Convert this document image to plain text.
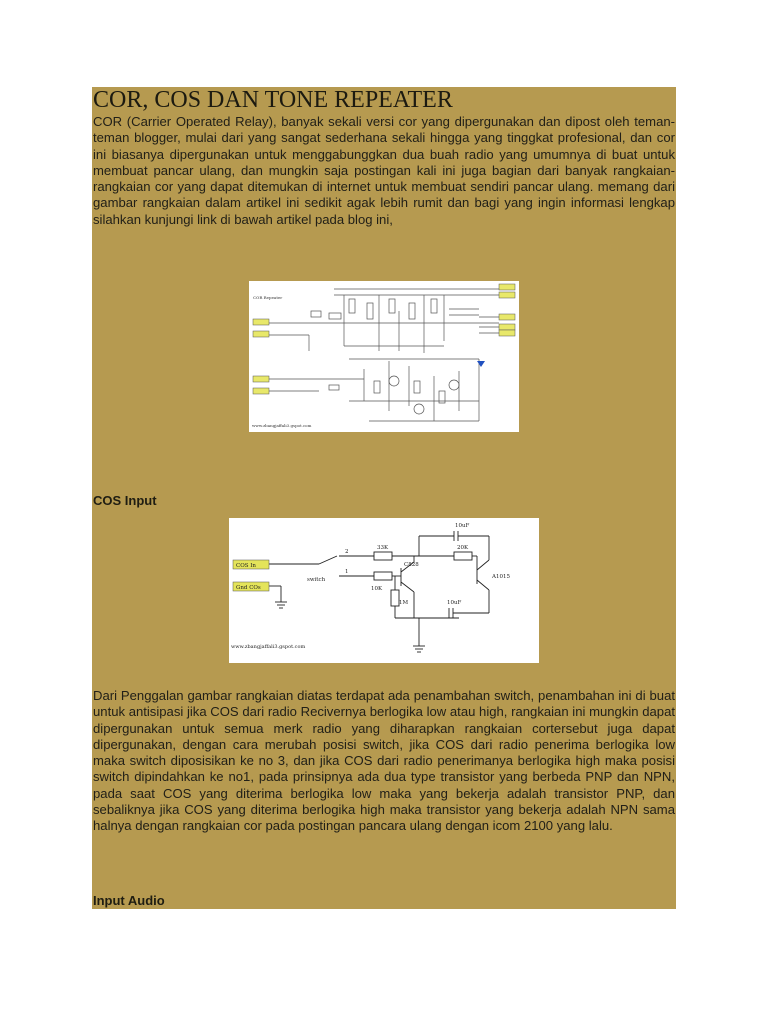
COR, COS DAN TONE REPEATER
COR (Carrier Operated Relay), banyak sekali versi cor yang dipergunakan dan dipost oleh teman-teman blogger, mulai dari yang sangat sederhana sekali hingga yang tinggkat profesional, dan cor ini biasanya dipergunakan untuk menggabunggkan dua buah radio yang umumnya di buat untuk membuat pancar ulang, dan mungkin saja postingan kali ini juga bagian dari banyak rangkaian-rangkaian cor yang dapat ditemukan di internet untuk membuat sendiri pancar ulang. memang dari gambar rangkaian dalam artikel ini sedikit agak lebih rumit dan bagi yang ingin informasi lengkap silahkan kunjungi link di bawah artikel pada blog ini,
COR Repeater
www.zbangjaffali3.gspot.com
COS Input
COS In
Gnd COs
switch
2
1
33K
10K
20K
1M
10uF
10uF
C828
A1015
www.zbangjaffali3.gspot.com
Dari Penggalan gambar rangkaian diatas terdapat ada penambahan switch, penambahan ini di buat untuk antisipasi jika COS dari radio Recivernya berlogika low atau high, rangkaian ini mungkin dapat dipergunakan untuk semua merk radio yang diharapkan rangkaian cortersebut juga dapat dipergunakan, dengan cara merubah posisi switch, jika COS dari radio penerima berlogika low maka switch diposisikan ke no 3, dan jika COS dari radio penerimanya berlogika high maka posisi switch dipindahkan ke no1, pada prinsipnya ada dua type transistor yang berbeda PNP dan NPN, pada saat COS yang diterima berlogika low maka yang bekerja adalah transistor PNP, dan sebaliknya jika COS yang diterima berlogika high maka transistor yang bekerja adalah NPN sama halnya dengan rangkaian cor pada postingan pancara ulang dengan icom 2100 yang lalu.
Input Audio
